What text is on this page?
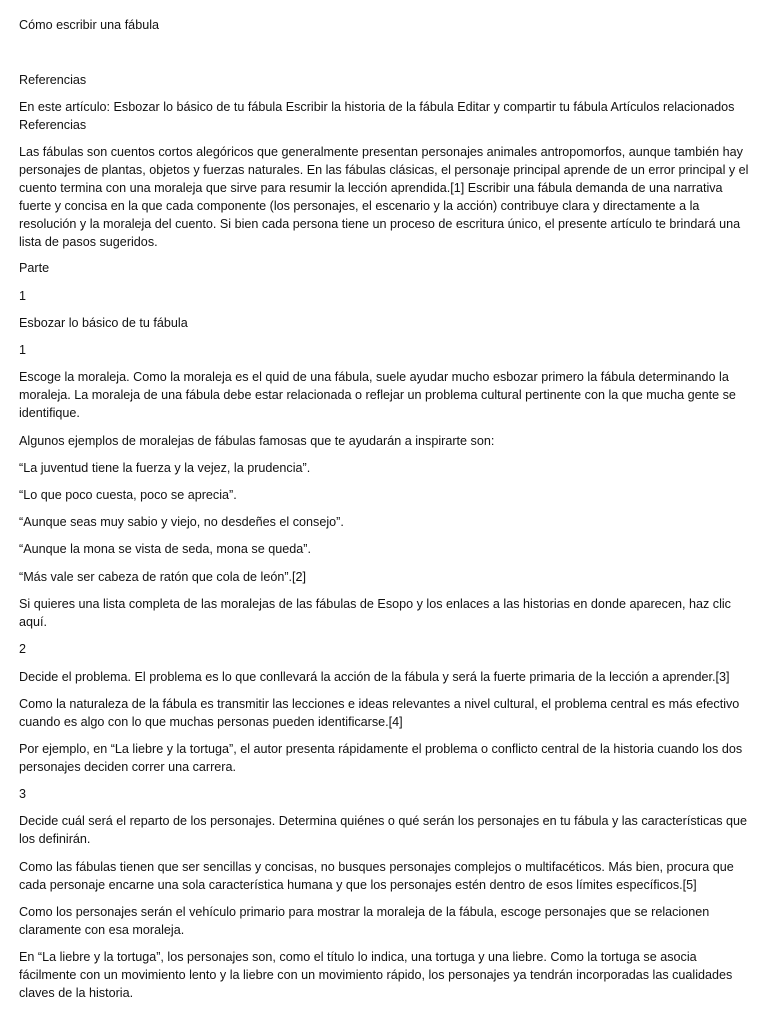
Cómo escribir una fábula

Referencias

En este artículo: Esbozar lo básico de tu fábula Escribir la historia de la fábula Editar y compartir tu fábula Artículos relacionados Referencias

Las fábulas son cuentos cortos alegóricos que generalmente presentan personajes animales antropomorfos, aunque también hay personajes de plantas, objetos y fuerzas naturales. En las fábulas clásicas, el personaje principal aprende de un error principal y el cuento termina con una moraleja que sirve para resumir la lección aprendida.[1] Escribir una fábula demanda de una narrativa fuerte y concisa en la que cada componente (los personajes, el escenario y la acción) contribuye clara y directamente a la resolución y la moraleja del cuento. Si bien cada persona tiene un proceso de escritura único, el presente artículo te brindará una lista de pasos sugeridos.

Parte

1

Esbozar lo básico de tu fábula

1

Escoge la moraleja. Como la moraleja es el quid de una fábula, suele ayudar mucho esbozar primero la fábula determinando la moraleja. La moraleja de una fábula debe estar relacionada o reflejar un problema cultural pertinente con la que mucha gente se identifique.

Algunos ejemplos de moralejas de fábulas famosas que te ayudarán a inspirarte son:

“La juventud tiene la fuerza y la vejez, la prudencia”.

“Lo que poco cuesta, poco se aprecia”.

“Aunque seas muy sabio y viejo, no desdeñes el consejo”.

“Aunque la mona se vista de seda, mona se queda”.

“Más vale ser cabeza de ratón que cola de león”.[2]

Si quieres una lista completa de las moralejas de las fábulas de Esopo y los enlaces a las historias en donde aparecen, haz clic aquí.

2

Decide el problema. El problema es lo que conllevará la acción de la fábula y será la fuerte primaria de la lección a aprender.[3]

Como la naturaleza de la fábula es transmitir las lecciones e ideas relevantes a nivel cultural, el problema central es más efectivo cuando es algo con lo que muchas personas pueden identificarse.[4]

Por ejemplo, en “La liebre y la tortuga”, el autor presenta rápidamente el problema o conflicto central de la historia cuando los dos personajes deciden correr una carrera.

3

Decide cuál será el reparto de los personajes. Determina quiénes o qué serán los personajes en tu fábula y las características que los definirán.

Como las fábulas tienen que ser sencillas y concisas, no busques personajes complejos o multifacéticos. Más bien, procura que cada personaje encarne una sola característica humana y que los personajes estén dentro de esos límites específicos.[5]

Como los personajes serán el vehículo primario para mostrar la moraleja de la fábula, escoge personajes que se relacionen claramente con esa moraleja.

En “La liebre y la tortuga”, los personajes son, como el título lo indica, una tortuga y una liebre. Como la tortuga se asocia fácilmente con un movimiento lento y la liebre con un movimiento rápido, los personajes ya tendrán incorporadas las cualidades claves de la historia.
